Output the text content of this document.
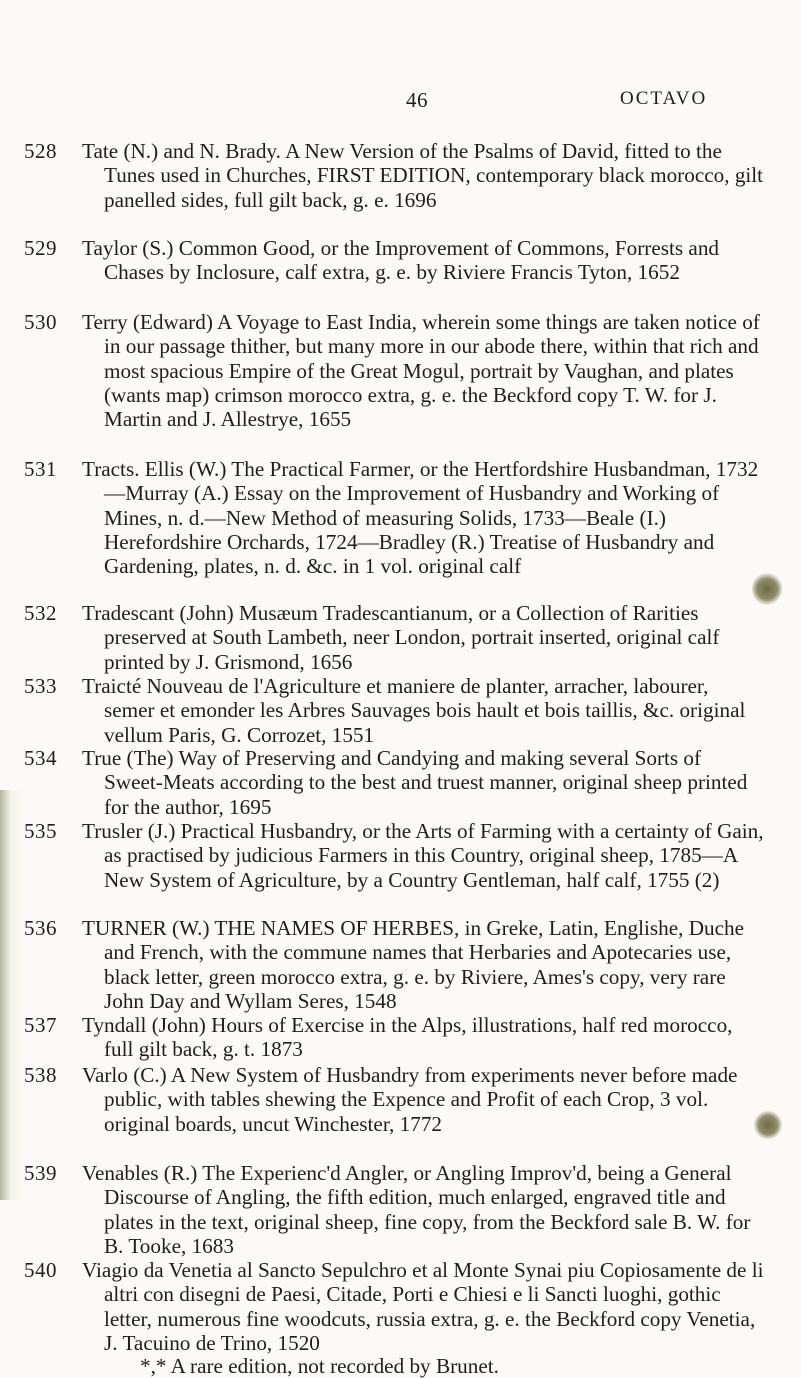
46	OCTAVO
528 Tate (N.) and N. Brady. A New Version of the Psalms of David, fitted to the Tunes used in Churches, FIRST EDITION, contemporary black morocco, gilt panelled sides, full gilt back, g. e. 1696
529 Taylor (S.) Common Good, or the Improvement of Commons, Forrests and Chases by Inclosure, calf extra, g. e. by Riviere Francis Tyton, 1652
530 Terry (Edward) A Voyage to East India, wherein some things are taken notice of in our passage thither, but many more in our abode there, within that rich and most spacious Empire of the Great Mogul, portrait by Vaughan, and plates (wants map) crimson morocco extra, g. e. the Beckford copy T. W. for J. Martin and J. Allestrye, 1655
531 Tracts. Ellis (W.) The Practical Farmer, or the Hertfordshire Husbandman, 1732—Murray (A.) Essay on the Improvement of Husbandry and Working of Mines, n. d.—New Method of measuring Solids, 1733—Beale (I.) Herefordshire Orchards, 1724—Bradley (R.) Treatise of Husbandry and Gardening, plates, n. d. &c. in 1 vol. original calf
532 Tradescant (John) Musæum Tradescantianum, or a Collection of Rarities preserved at South Lambeth, neer London, portrait inserted, original calf printed by J. Grismond, 1656
533 Traicté Nouveau de l'Agriculture et maniere de planter, arracher, labourer, semer et emonder les Arbres Sauvages bois hault et bois taillis, &c. original vellum Paris, G. Corrozet, 1551
534 True (The) Way of Preserving and Candying and making several Sorts of Sweet-Meats according to the best and truest manner, original sheep printed for the author, 1695
535 Trusler (J.) Practical Husbandry, or the Arts of Farming with a certainty of Gain, as practised by judicious Farmers in this Country, original sheep, 1785—A New System of Agriculture, by a Country Gentleman, half calf, 1755 (2)
536 TURNER (W.) THE NAMES OF HERBES, in Greke, Latin, Englishe, Duche and French, with the commune names that Herbaries and Apotecaries use, black letter, green morocco extra, g. e. by Riviere, Ames's copy, very rare John Day and Wyllam Seres, 1548
537 Tyndall (John) Hours of Exercise in the Alps, illustrations, half red morocco, full gilt back, g. t. 1873
538 Varlo (C.) A New System of Husbandry from experiments never before made public, with tables shewing the Expence and Profit of each Crop, 3 vol. original boards, uncut Winchester, 1772
539 Venables (R.) The Experienc'd Angler, or Angling Improv'd, being a General Discourse of Angling, the fifth edition, much enlarged, engraved title and plates in the text, original sheep, fine copy, from the Beckford sale B. W. for B. Tooke, 1683
540 Viagio da Venetia al Sancto Sepulchro et al Monte Synai piu Copiosamente de li altri con disegni de Paesi, Citade, Porti e Chiesi e li Sancti luoghi, gothic letter, numerous fine woodcuts, russia extra, g. e. the Beckford copy Venetia, J. Tacuino de Trino, 1520
*,* A rare edition, not recorded by Brunet.
